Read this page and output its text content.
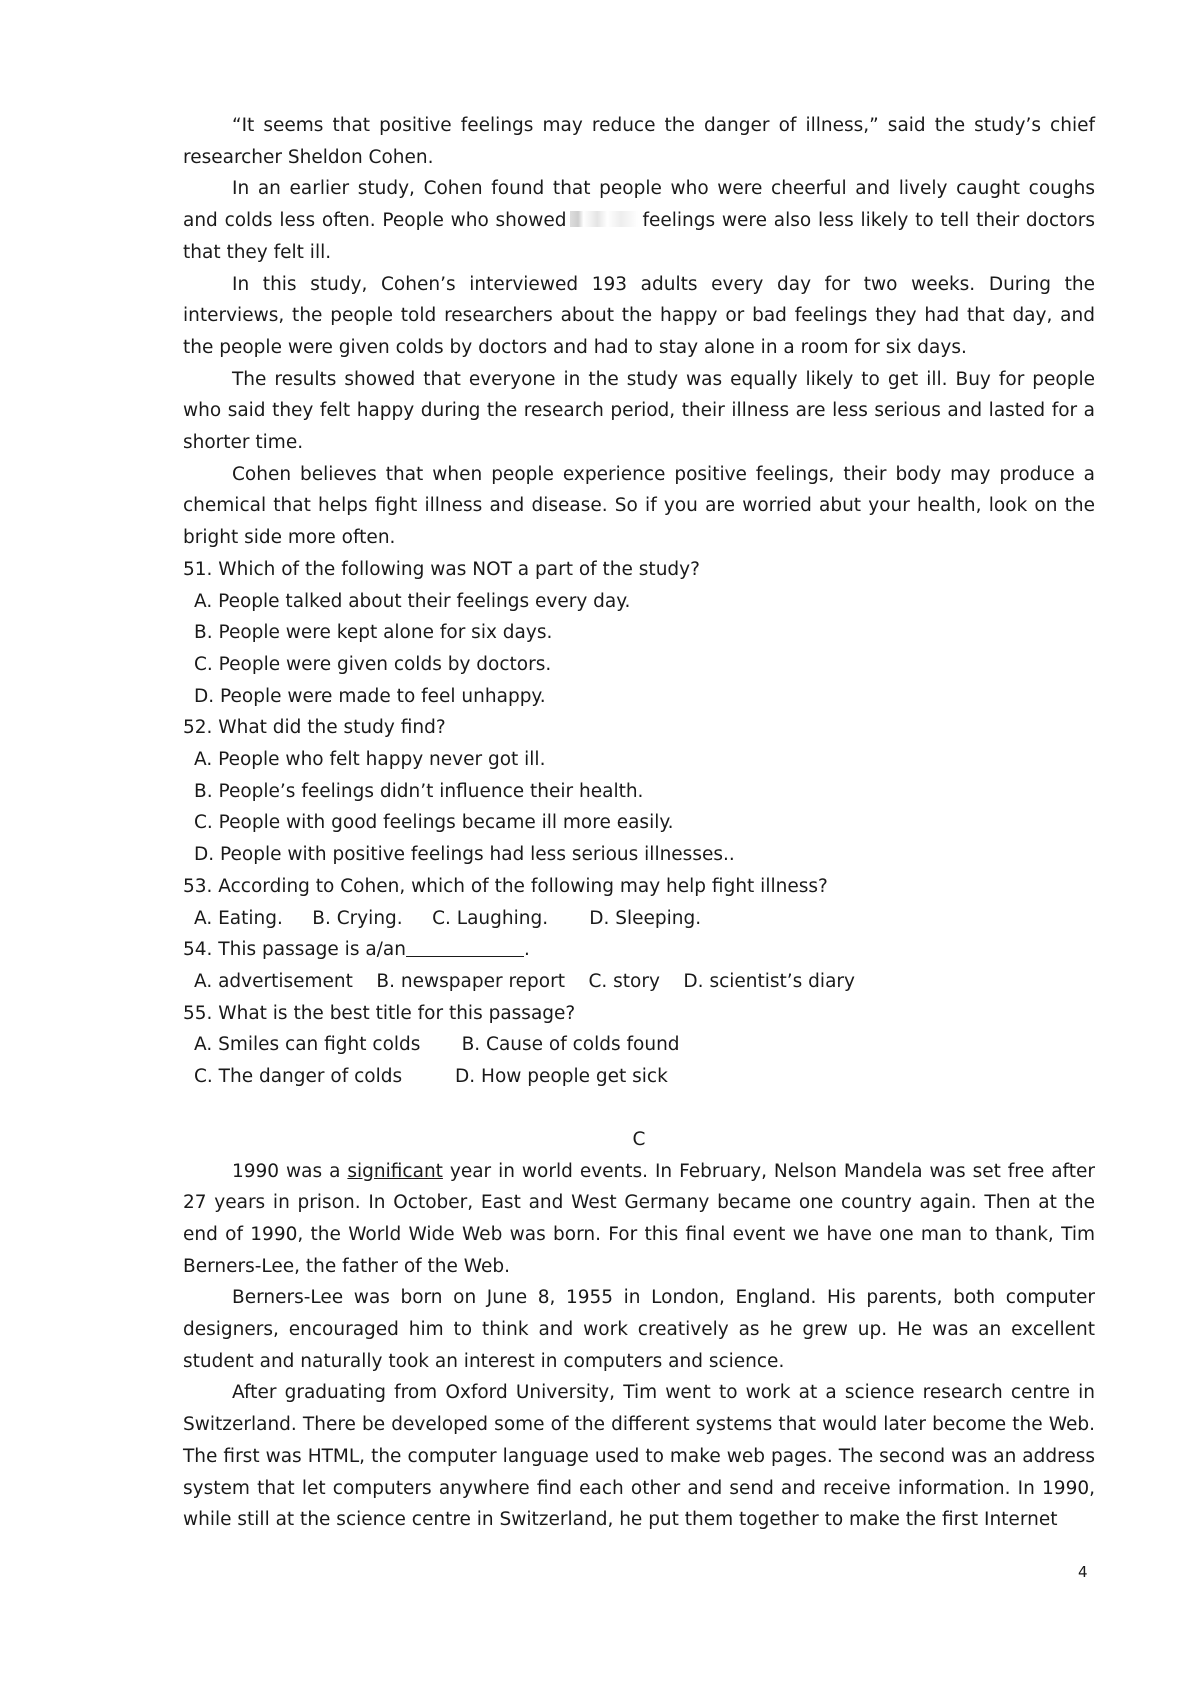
“It seems that positive feelings may reduce the danger of illness,” said the study’s chief researcher Sheldon Cohen.

In an earlier study, Cohen found that people who were cheerful and lively caught coughs and colds less often. People who showed	feelings were also less likely to tell their doctors that they felt ill.

In this study, Cohen’s interviewed 193 adults every day for two weeks. During the interviews, the people told researchers about the happy or bad feelings they had that day, and the people were given colds by doctors and had to stay alone in a room for six days.

The results showed that everyone in the study was equally likely to get ill. Buy for people who said they felt happy during the research period, their illness are less serious and lasted for a shorter time.

Cohen believes that when people experience positive feelings, their body may produce a chemical that helps fight illness and disease. So if you are worried abut your health, look on the bright side more often.

51. Which of the following was NOT a part of the study?

A. People talked about their feelings every day.

B. People were kept alone for six days.

C. People were given colds by doctors.

D. People were made to feel unhappy.

52. What did the study find?

A. People who felt happy never got ill.

B. People’s feelings didn’t influence their health.

C. People with good feelings became ill more easily.

D. People with positive feelings had less serious illnesses..

53. According to Cohen, which of the following may help fight illness?

A. Eating.     B. Crying.     C. Laughing.       D. Sleeping.

54. This passage is a/an	.

A. advertisement    B. newspaper report    C. story    D. scientist’s diary

55. What is the best title for this passage?

A. Smiles can fight colds       B. Cause of colds found

C. The danger of colds         D. How people get sick

C

1990 was a significant year in world events. In February, Nelson Mandela was set free after 27 years in prison. In October, East and West Germany became one country again. Then at the end of 1990, the World Wide Web was born. For this final event we have one man to thank, Tim Berners-Lee, the father of the Web.

Berners-Lee was born on June 8, 1955 in London, England. His parents, both computer designers, encouraged him to think and work creatively as he grew up. He was an excellent student and naturally took an interest in computers and science.

After graduating from Oxford University, Tim went to work at a science research centre in Switzerland. There be developed some of the different systems that would later become the Web. The first was HTML, the computer language used to make web pages. The second was an address system that let computers anywhere find each other and send and receive information. In 1990, while still at the science centre in Switzerland, he put them together to make the first Internet

4
